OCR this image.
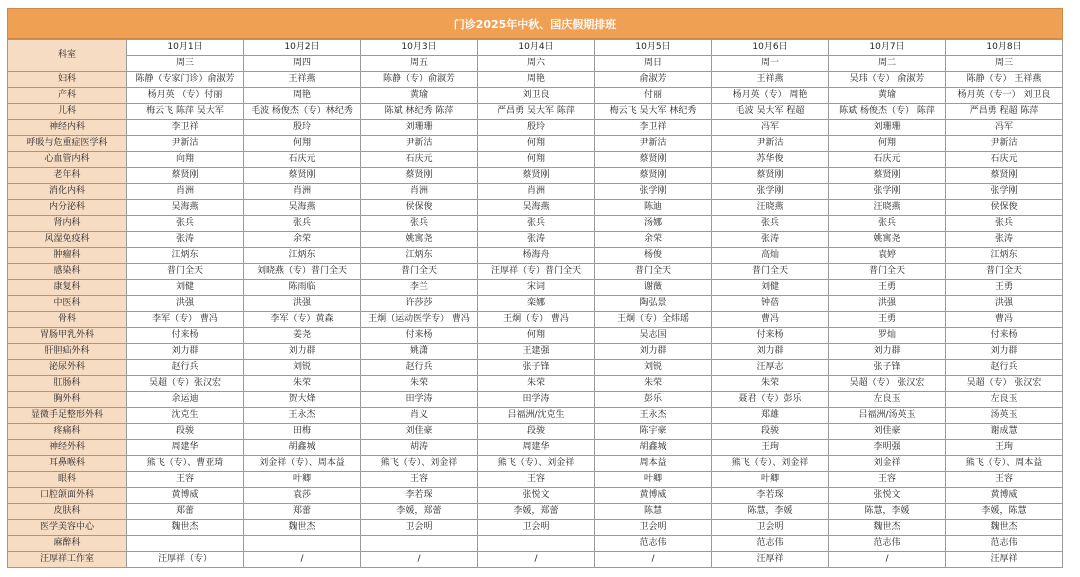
门诊2025年中秋、国庆假期排班
科室	10月1日	10月2日	10月3日	10月4日	10月5日	10月6日	10月7日	10月8日
	周三	周四	周五	周六	周日	周一	周二	周三
妇科	陈静（专家门诊）俞淑芳	王祥燕	陈静（专）俞淑芳	周艳	俞淑芳	王祥燕	吴玮（专） 俞淑芳	陈静（专） 王祥燕
产科	杨月英 （专）付丽	周艳	黄瑜	刘卫良	付丽	杨月英（专） 周艳	黄瑜	杨月英（专一） 刘卫良
儿科	梅云飞 陈萍 吴大军	毛波 杨俊杰（专）林纪秀	陈斌 林纪秀 陈萍	严昌勇 吴大军 陈萍	梅云飞 吴大军 林纪秀	毛波 吴大军 程超	陈斌 杨俊杰（专） 陈萍	严昌勇 程超 陈萍
神经内科	李卫祥	殷玲	刘珊珊	殷玲	李卫祥	冯军	刘珊珊	冯军
呼吸与危重症医学科	尹新沽	何翔	尹新沽	何翔	尹新沽	尹新沽	何翔	尹新沽
心血管内科	向翔	石庆元	石庆元	何翔	蔡贤刚	苏华俊	石庆元	石庆元
老年科	蔡贤刚	蔡贤刚	蔡贤刚	蔡贤刚	蔡贤刚	蔡贤刚	蔡贤刚	蔡贤刚
消化内科	肖洲	肖洲	肖洲	肖洲	张学刚	张学刚	张学刚	张学刚
内分泌科	吴海燕	吴海燕	侯保俊	吴海燕	陈迪	汪晓燕	汪晓燕	侯保俊
肾内科	张兵	张兵	张兵	张兵	汤娜	张兵	张兵	张兵
风湿免疫科	张涛	余荣	姚寓尧	张涛	余荣	张涛	姚寓尧	张涛
肿瘤科	江炳东	江炳东	江炳东	杨海舟	杨俊	高灿	袁婷	江炳东
感染科	普门全天	刘晓燕（专）普门全天	普门全天	汪厚祥（专）普门全天	普门全天	普门全天	普门全天	普门全天
康复科	刘健	陈雨临	李兰	宋词	谢薇	刘健	王勇	王勇
中医科	洪强	洪强	许莎莎	栾娜	陶弘景	钟蓓	洪强	洪强
骨科	李军（专） 曹冯	李军（专）黄森	王炯（运动医学专） 曹冯	王炯（专） 曹冯	王炯（专）全炜瑶	曹冯	王勇	曹冯
胃肠甲乳外科	付来杨	姜尧	付来杨	何翔	吴志国	付来杨	罗灿	付来杨
肝胆疝外科	刘力群	刘力群	姚潇	王建强	刘力群	刘力群	刘力群	刘力群
泌尿外科	赵行兵	刘锐	赵行兵	张子锋	刘锐	汪厚志	张子锋	赵行兵
肛肠科	吴超（专）张汉宏	朱荣	朱荣	朱荣	朱荣	朱荣	吴超（专） 张汉宏	吴超（专） 张汉宏
胸外科	余运迪	贺大烽	田学涛	田学涛	彭乐	聂君（专）彭乐	左良玉	左良玉
显微手足整形外科	沈克生	王永杰	肖义	吕福洲/沈克生	王永杰	郑雄	吕福洲/汤英玉	汤英玉
疼痛科	段骏	田梅	刘佳豪	段骏	陈宇豪	段骏	刘佳豪	谢成慧
神经外科	周建华	胡鑫城	胡涛	周建华	胡鑫城	王珣	李明强	王珣
耳鼻喉科	熊飞（专）、曹亚琦	刘金祥（专）、周本益	熊飞（专）、刘金祥	熊飞（专）、刘金祥	周本益	熊飞（专）、刘金祥	刘金祥	熊飞（专）、周本益
眼科	王容	叶卿	王容	王容	叶卿	叶卿	王容	王容
口腔颌面外科	黄博威	袁莎	李若琛	张悦文	黄博威	李若琛	张悦文	黄博威
皮肤科	郑蕾	郑蕾	李媛，郑蕾	李媛，郑蕾	陈慧	陈慧，李媛	陈慧，李媛	李媛，陈慧
医学美容中心	魏世杰	魏世杰	卫会明	卫会明	卫会明	卫会明	魏世杰	魏世杰
麻醉科					范志伟	范志伟	范志伟	范志伟
汪厚祥工作室	汪厚祥（专）	/	/	/	/	汪厚祥	/	汪厚祥
